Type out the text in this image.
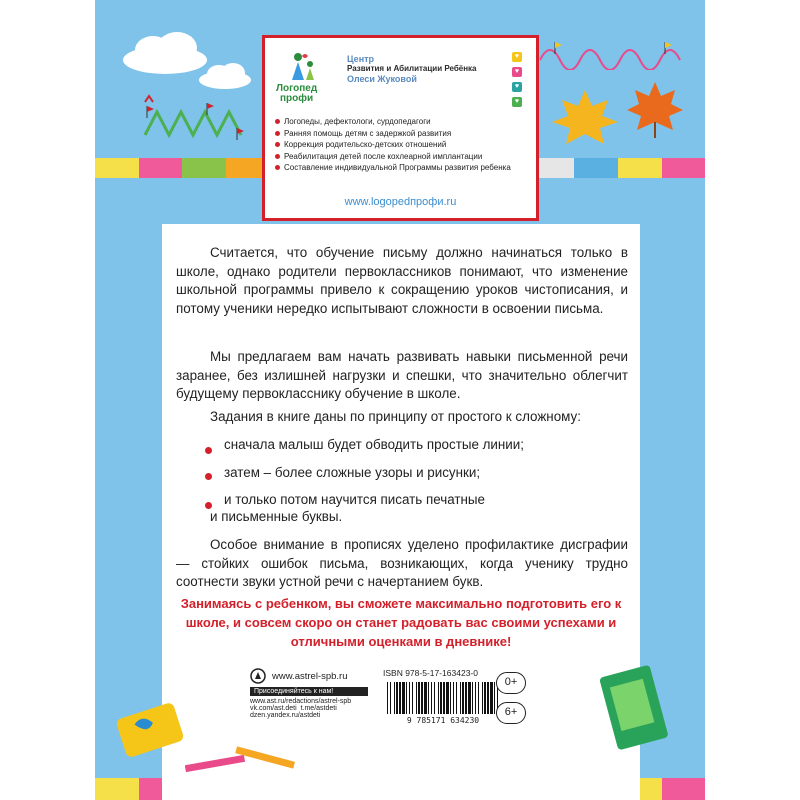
Логопед
профи
Центр
Развития и Абилитации Ребёнка
Олеси Жуковой
♥
♥
♥
♥
Логопеды, дефектологи, сурдопедагоги
Ранняя помощь детям с задержкой развития
Коррекция родительско-детских отношений
Реабилитация детей после кохлеарной имплантации
Составление индивидуальной Программы развития ребенка
www.logopedпрофи.ru

Считается, что обучение письму должно начинаться только в школе, однако родители первоклассников понимают, что изменение школьной программы привело к сокращению уроков чистописания, и потому ученики нередко испытывают сложности в освоении письма.

Мы предлагаем вам начать развивать навыки письменной речи заранее, без излишней нагрузки и спешки, что значительно облегчит будущему первокласснику обучение в школе.

Задания в книге даны по принципу от простого к сложному:

сначала малыш будет обводить простые линии;
затем – более сложные узоры и рисунки;
и только потом научится писать печатные
и письменные буквы.

Особое внимание в прописях уделено профилактике дисграфии — стойких ошибок письма, возникающих, когда ученику трудно соотнести звуки устной речи с начертанием букв.

Занимаясь с ребенком, вы сможете максимально подготовить его к школе, и совсем скоро он станет радовать вас своими успехами и отличными оценками в дневнике!
www.astrel-spb.ru
Присоединяйтесь к нам!
www.ast.ru/redactions/astrel-spb
vk.com/ast.deti t.me/astdeti
dzen.yandex.ru/astdeti
ISBN 978-5-17-163423-0
9 785171 634230
0+
6+
